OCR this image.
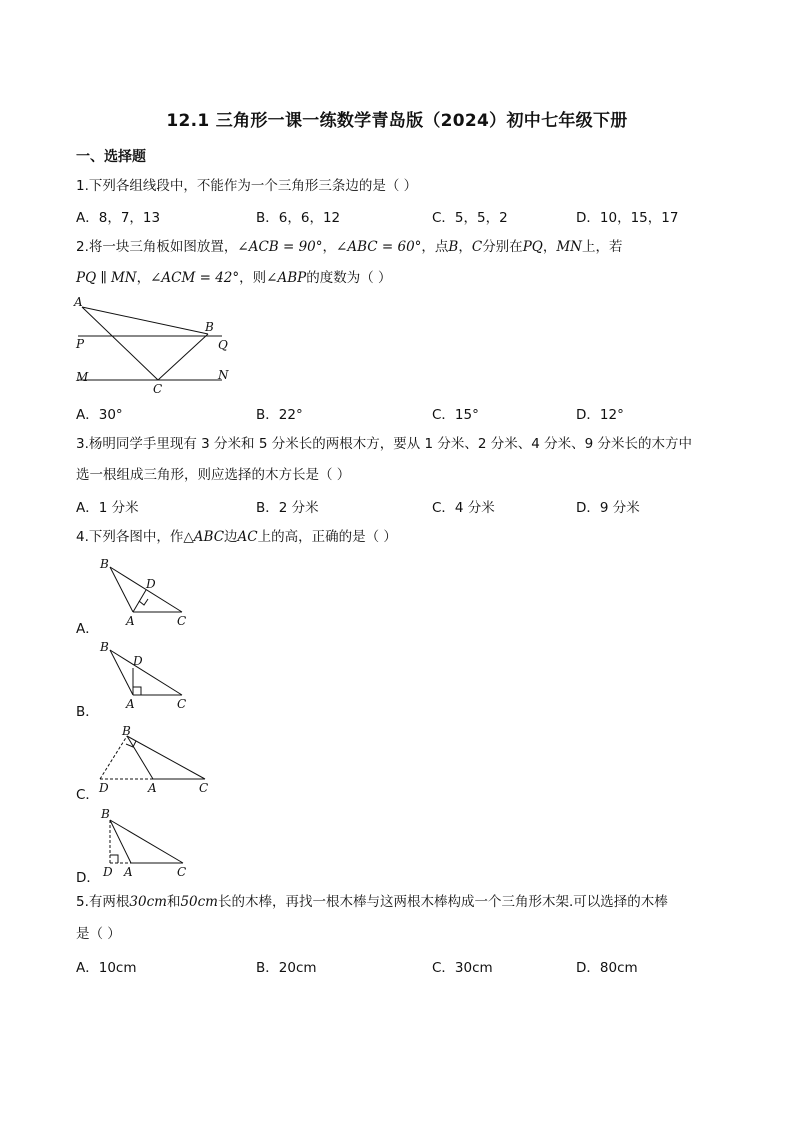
12.1 三角形一课一练数学青岛版（2024）初中七年级下册
一、选择题
1.下列各组线段中，不能作为一个三角形三条边的是（ ）
A．8，7，13	B．6，6，12	C．5，5，2	D．10，15，17
2.将一块三角板如图放置，∠ACB = 90°，∠ABC = 60°，点B，C分别在PQ，MN上，若
PQ ∥ MN，∠ACM = 42°，则∠ABP的度数为（ ）
A
B
P	Q
M	N
C
A．30°	B．22°	C．15°	D．12°
3.杨明同学手里现有 3 分米和 5 分米长的两根木方，要从 1 分米、2 分米、4 分米、9 分米长的木方中
选一根组成三角形，则应选择的木方长是（ ）
A．1 分米	B．2 分米	C．4 分米	D．9 分米
4.下列各图中，作△ABC边AC上的高，正确的是（ ）
A．
B
D
A	C
B．
B
D
A	C
C．
B
D	A	C
D．
B
D A	C
5.有两根30cm和50cm长的木棒，再找一根木棒与这两根木棒构成一个三角形木架.可以选择的木棒
是（ ）
A．10cm	B．20cm	C．30cm	D．80cm
